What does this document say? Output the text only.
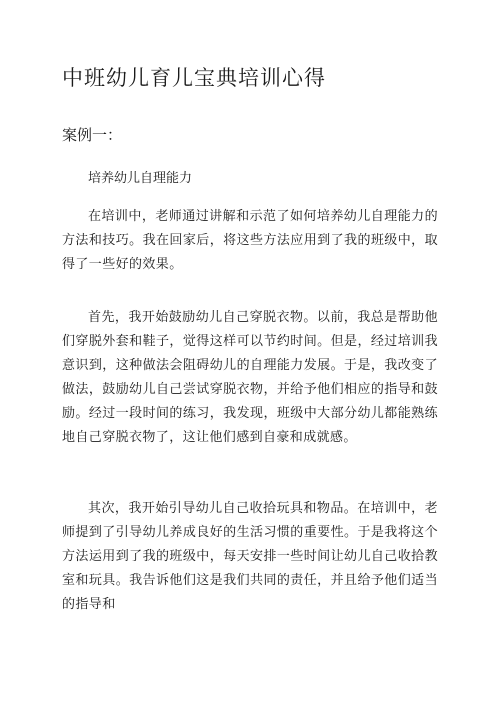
中班幼儿育儿宝典培训心得
案例一：
培养幼儿自理能力
在培训中，老师通过讲解和示范了如何培养幼儿自理能力的方法和技巧。我在回家后，将这些方法应用到了我的班级中，取得了一些好的效果。
首先，我开始鼓励幼儿自己穿脱衣物。以前，我总是帮助他们穿脱外套和鞋子，觉得这样可以节约时间。但是，经过培训我意识到，这种做法会阻碍幼儿的自理能力发展。于是，我改变了做法，鼓励幼儿自己尝试穿脱衣物，并给予他们相应的指导和鼓励。经过一段时间的练习，我发现，班级中大部分幼儿都能熟练地自己穿脱衣物了，这让他们感到自豪和成就感。
其次，我开始引导幼儿自己收拾玩具和物品。在培训中，老师提到了引导幼儿养成良好的生活习惯的重要性。于是我将这个方法运用到了我的班级中，每天安排一些时间让幼儿自己收拾教室和玩具。我告诉他们这是我们共同的责任，并且给予他们适当的指导和
